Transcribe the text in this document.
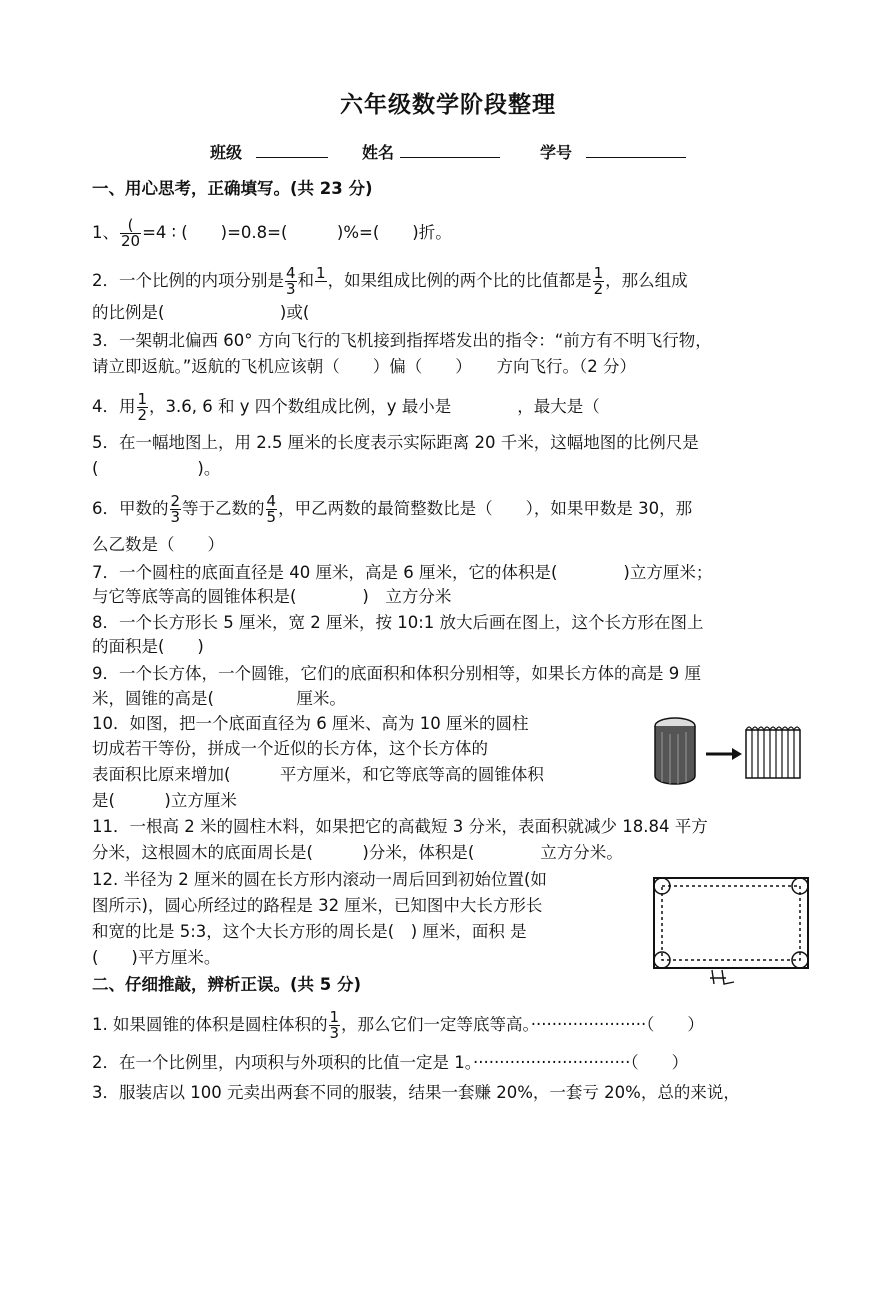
六年级数学阶段整理
班级	姓名	学号
一、用心思考，正确填写。(共 23 分)
1、 $\frac{(}{20} =4$ ∶ (　　)=0.8=(　　　)%=(　　)折。
2．一个比例的内项分别是 $\frac{4}{3}$ 和 1
，如果组成比例的两个比的比值都是 $\frac{1}{2}$ ，那么组成
的比例是(　　　　　　　)或(
3．一架朝北偏西 60° 方向飞行的飞机接到指挥塔发出的指令：“前方有不明飞行物，
请立即返航。”返航的飞机应该朝（　　）偏（　　）　　方向飞行。（2 分）
4．用 $\frac{1}{2}$ ，3.6, 6 和 y 四个数组成比例，y 最小是　　　　，最大是（
5．在一幅地图上，用 2.5 厘米的长度表示实际距离 20 千米，这幅地图的比例尺是
(　　　　　　)。
6．甲数的 $\frac{2}{3}$ 等于乙数的 $\frac{4}{5}$ ，甲乙两数的最简整数比是（　　），如果甲数是 30，那
么乙数是（　　）
7．一个圆柱的底面直径是 40 厘米，高是 6 厘米，它的体积是(　　　　)立方厘米；
与它等底等高的圆锥体积是(　　　　)　立方分米
8．一个长方形长 5 厘米，宽 2 厘米，按 10:1 放大后画在图上，这个长方形在图上
的面积是(　　)
9．一个长方体，一个圆锥，它们的底面积和体积分别相等，如果长方体的高是 9 厘
米，圆锥的高是(　　　　　厘米。
10．如图，把一个底面直径为 6 厘米、高为 10 厘米的圆柱
切成若干等份，拼成一个近似的长方体，这个长方体的
表面积比原来增加(　　　平方厘米，和它等底等高的圆锥体积
是(　　　)立方厘米
11．一根高 2 米的圆柱木料，如果把它的高截短 3 分米，表面积就减少 18.84 平方
分米，这根圆木的底面周长是(　　　)分米，体积是(　　　　立方分米。
12. 半径为 2 厘米的圆在长方形内滚动一周后回到初始位置(如
图所示)，圆心所经过的路程是 32 厘米，已知图中大长方形长
和宽的比是 5:3，这个大长方形的周长是(　) 厘米，面积 是
(　　)平方厘米。
二、仔细推敲，辨析正误。(共 5 分)
1. 如果圆锥的体积是圆柱体积的 $\frac{1}{3}$ ，那么它们一定等底等高。······················（　　）
2．在一个比例里，内项积与外项积的比值一定是 1。······························（　　）
3．服装店以 100 元卖出两套不同的服装，结果一套赚 20%，一套亏 20%，总的来说，
